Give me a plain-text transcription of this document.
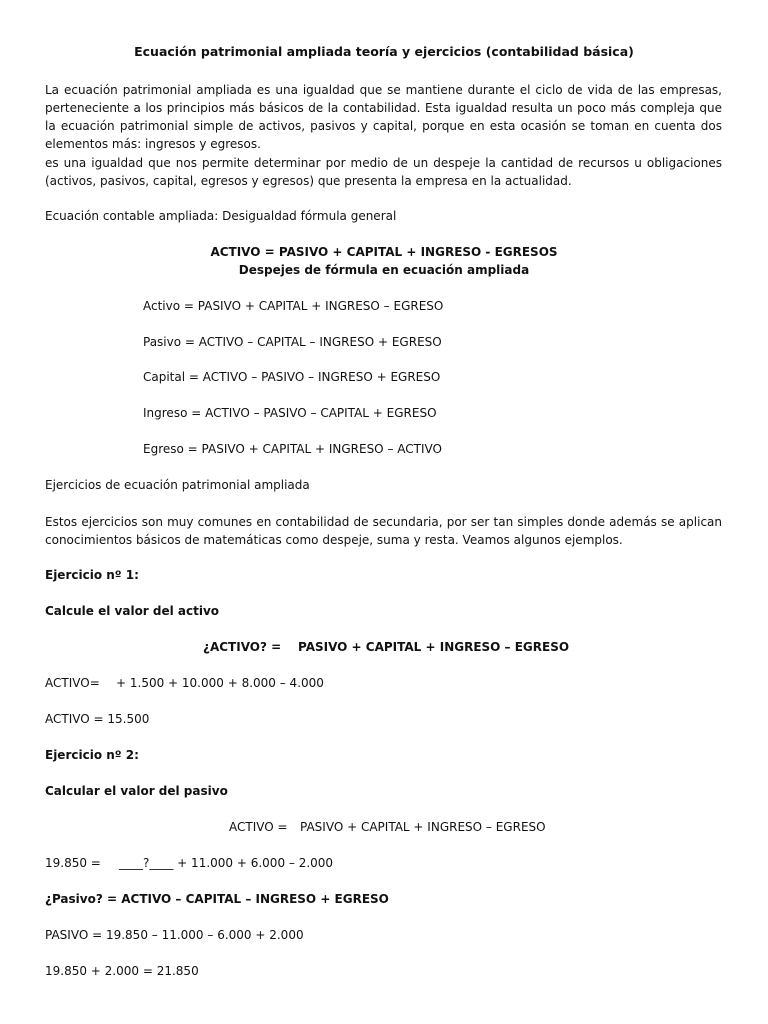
Ecuación patrimonial ampliada teoría y ejercicios (contabilidad básica)
La ecuación patrimonial ampliada es una igualdad que se mantiene durante el ciclo de vida de las empresas, perteneciente a los principios más básicos de la contabilidad. Esta igualdad resulta un poco más compleja que la ecuación patrimonial simple de activos, pasivos y capital, porque en esta ocasión se toman en cuenta dos elementos más: ingresos y egresos.
es una igualdad que nos permite determinar por medio de un despeje la cantidad de recursos u obligaciones (activos, pasivos, capital, egresos y egresos) que presenta la empresa en la actualidad.
Ecuación contable ampliada: Desigualdad fórmula general
ACTIVO = PASIVO + CAPITAL + INGRESO - EGRESOS
Despejes de fórmula en ecuación ampliada
Activo = PASIVO + CAPITAL + INGRESO – EGRESO
Pasivo = ACTIVO – CAPITAL – INGRESO + EGRESO
Capital = ACTIVO – PASIVO – INGRESO + EGRESO
Ingreso = ACTIVO – PASIVO – CAPITAL + EGRESO
Egreso = PASIVO + CAPITAL + INGRESO – ACTIVO
Ejercicios de ecuación patrimonial ampliada
Estos ejercicios son muy comunes en contabilidad de secundaria, por ser tan simples donde además se aplican conocimientos básicos de matemáticas como despeje, suma y resta. Veamos algunos ejemplos.
Ejercicio nº 1:
Calcule el valor del activo
¿ACTIVO? = PASIVO + CAPITAL + INGRESO – EGRESO
ACTIVO= + 1.500 + 10.000 + 8.000 – 4.000
ACTIVO = 15.500
Ejercicio nº 2:
Calcular el valor del pasivo
ACTIVO = PASIVO + CAPITAL + INGRESO – EGRESO
19.850 = ____?____ + 11.000 + 6.000 – 2.000
¿Pasivo? = ACTIVO – CAPITAL – INGRESO + EGRESO
PASIVO = 19.850 – 11.000 – 6.000 + 2.000
19.850 + 2.000 = 21.850
